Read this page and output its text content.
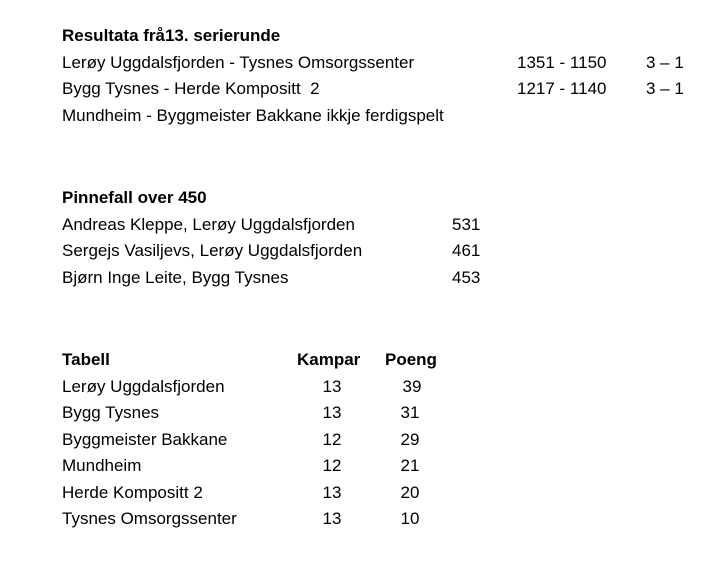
Resultata frå13. serierunde
Lerøy Uggdalsfjorden - Tysnes Omsorgssenter	1351 - 1150 3 – 1
Bygg Tysnes - Herde Kompositt  2	1217 - 1140 3 – 1
Mundheim - Byggmeister Bakkane ikkje ferdigspelt
Pinnefall over 450
Andreas Kleppe, Lerøy Uggdalsfjorden	531
Sergejs Vasiljevs, Lerøy Uggdalsfjorden	461
Bjørn Inge Leite, Bygg Tysnes	453
Tabell	Kampar Poeng
Lerøy Uggdalsfjorden	13	39
Bygg Tysnes	13	31
Byggmeister Bakkane	12	29
Mundheim	12	21
Herde Kompositt 2	13	20
Tysnes Omsorgssenter	13	10
